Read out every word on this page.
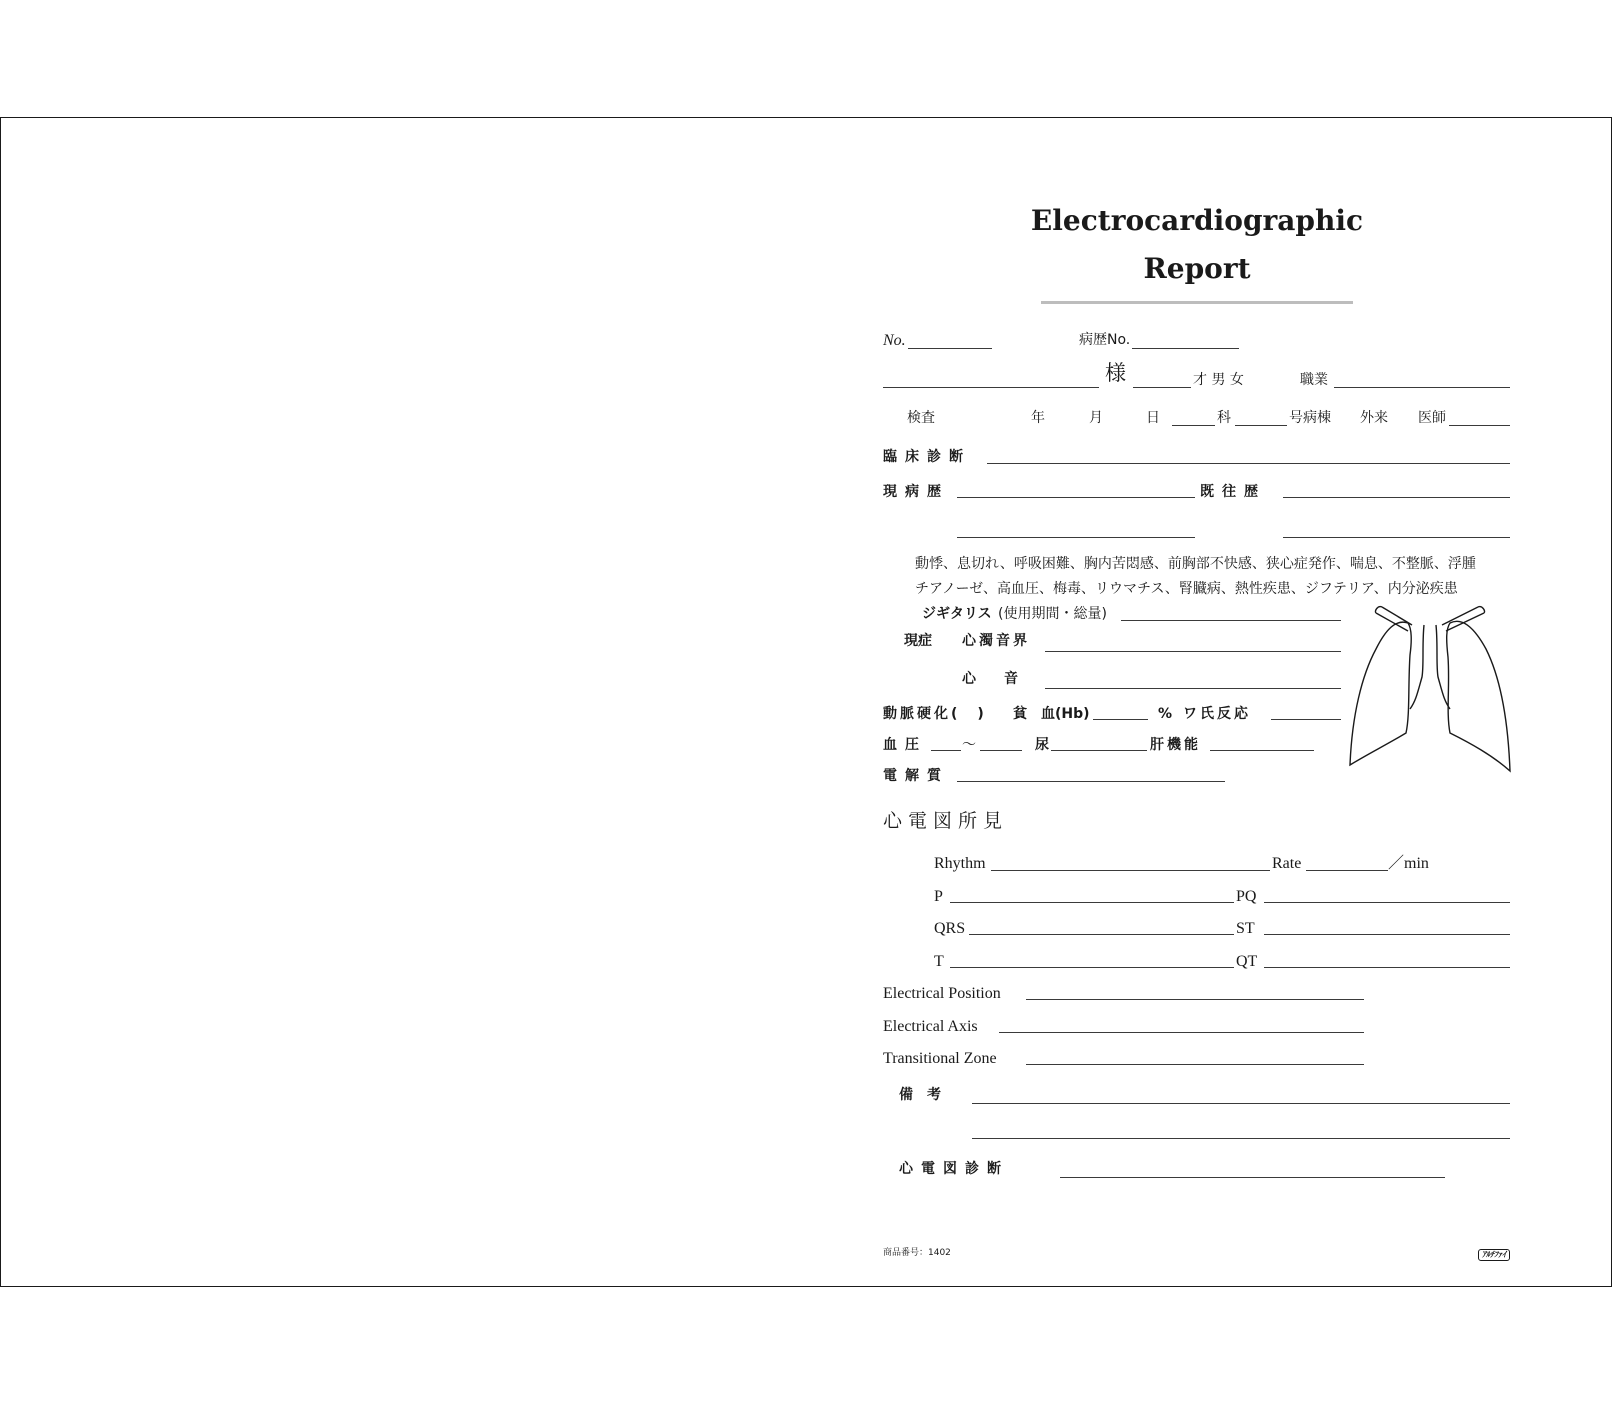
Electrocardiographic
Report
No.	病歴No.
様	才 男 女	職業
検査	年	月	日	科	号病棟 外来 医師
臨床診断
現病歴	既往歴
動悸、息切れ、呼吸困難、胸内苦悶感、前胸部不快感、狭心症発作、喘息、不整脈、浮腫
チアノーゼ、高血圧、梅毒、リウマチス、腎臓病、熱性疾患、ジフテリア、内分泌疾患
ジギタリス (使用期間・総量)
現症 心濁音界
心　　音
動脈硬化(　) 貧　血(Hb)	% ワ氏反応
血圧	～	尿	肝機能
電解質
心電図所見
Rhythm	Rate	／min
P	PQ
QRS	ST
T	QT
Electrical Position
Electrical Axis
Transitional Zone
備　考
心電図診断
商品番号：1402	ｱﾙﾁﾌｧｲ
